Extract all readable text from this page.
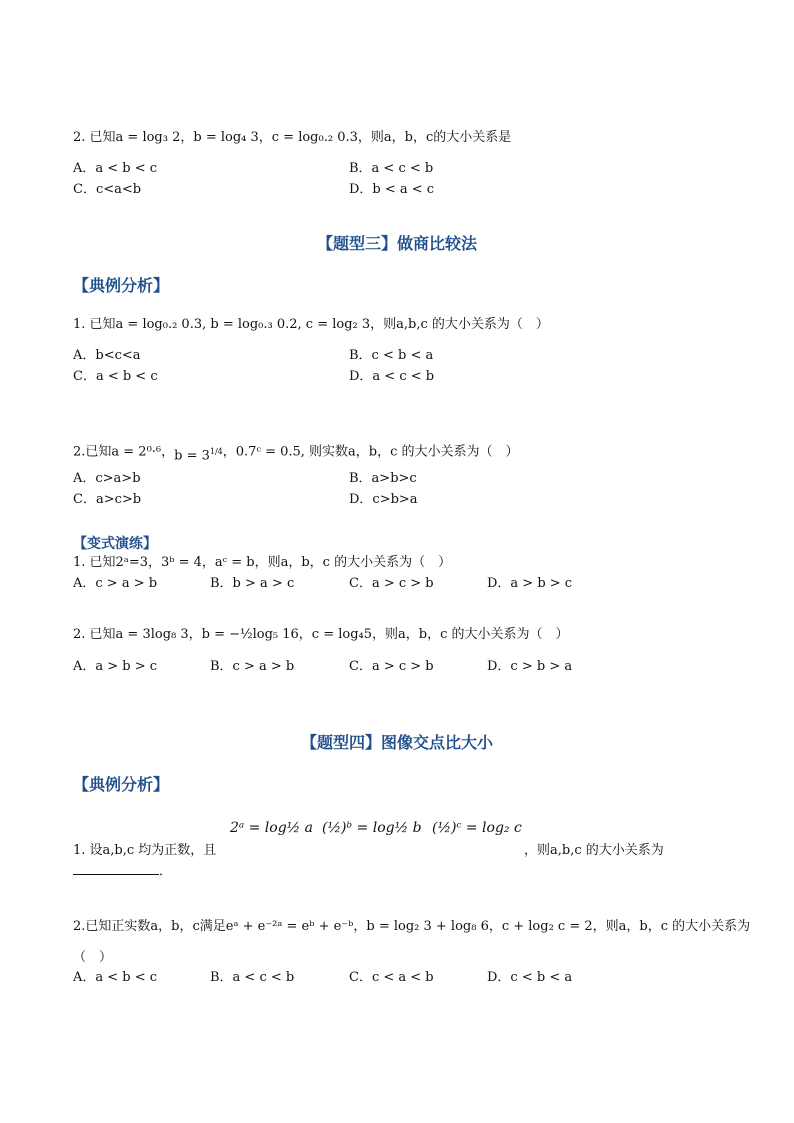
2. 已知a = log₃ 2，b = log₄ 3，c = log₀.₂ 0.3，则a，b，c的大小关系是
A．a < b < c	B．a < c < b
C．c<a<b	D．b < a < c
【题型三】做商比较法
【典例分析】
1. 已知a = log₀.₂ 0.3, b = log₀.₃ 0.2, c = log₂ 3，则a,b,c 的大小关系为（　）
A．b<c<a	B．c < b < a
C．a < b < c	D．a < c < b
2.已知a = 2⁰·⁶，$b = 3^{1/4}$，0.7ᶜ = 0.5, 则实数a，b，c 的大小关系为（　）
A．c>a>b	B．a>b>c
C．a>c>b	D．c>b>a
【变式演练】
1. 已知2ᵃ=3，3ᵇ = 4，aᶜ = b，则a，b，c 的大小关系为（　）
A．c > a > b	B．b > a > c	C．a > c > b	D．a > b > c
2. 已知a = 3log₈ 3，b = −½log₅ 16，c = log₄5，则a，b，c 的大小关系为（　）
A．a > b > c	B．c > a > b	C．a > c > b	D．c > b > a
【题型四】图像交点比大小
【典例分析】
2ᵃ = log½ a (½)ᵇ = log½ b (½)ᶜ = log₂ c
1. 设a,b,c 均为正数，且	，则a,b,c 的大小关系为
．
2.已知正实数a，b，c满足eᵃ + e⁻²ᵃ = eᵇ + e⁻ᵇ，b = log₂ 3 + log₈ 6，c + log₂ c = 2，则a，b，c 的大小关系为
（　）
A．a < b < c	B．a < c < b	C．c < a < b	D．c < b < a
